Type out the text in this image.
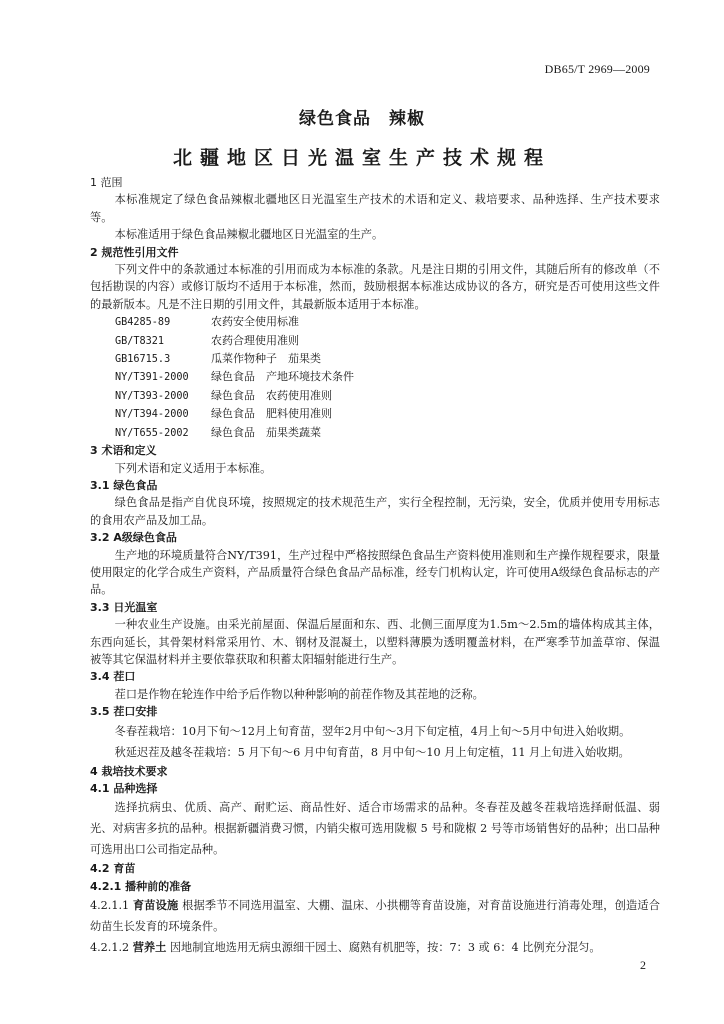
DB65/T 2969—2009
绿色食品　辣椒
北疆地区日光温室生产技术规程

1 范围

本标准规定了绿色食品辣椒北疆地区日光温室生产技术的术语和定义、栽培要求、品种选择、生产技术要求等。

本标准适用于绿色食品辣椒北疆地区日光温室的生产。

2 规范性引用文件

下列文件中的条款通过本标准的引用而成为本标准的条款。凡是注日期的引用文件，其随后所有的修改单（不包括勘误的内容）或修订版均不适用于本标准，然而，鼓励根据本标准达成协议的各方，研究是否可使用这些文件的最新版本。凡是不注日期的引用文件，其最新版本适用于本标准。

GB4285-89	农药安全使用标准

GB/T8321	农药合理使用准则

GB16715.3	瓜菜作物种子　茄果类

NY/T391-2000 绿色食品　产地环境技术条件

NY/T393-2000 绿色食品　农药使用准则

NY/T394-2000 绿色食品　肥料使用准则

NY/T655-2002 绿色食品　茄果类蔬菜

3 术语和定义

下列术语和定义适用于本标准。

3.1 绿色食品

绿色食品是指产自优良环境，按照规定的技术规范生产，实行全程控制，无污染，安全，优质并使用专用标志的食用农产品及加工品。

3.2 A级绿色食品

生产地的环境质量符合NY/T391，生产过程中严格按照绿色食品生产资料使用准则和生产操作规程要求，限量使用限定的化学合成生产资料，产品质量符合绿色食品产品标准，经专门机构认定，许可使用A级绿色食品标志的产品。

3.3 日光温室

一种农业生产设施。由采光前屋面、保温后屋面和东、西、北侧三面厚度为1.5m～2.5m的墙体构成其主体，东西向延长，其骨架材料常采用竹、木、钢材及混凝土，以塑料薄膜为透明覆盖材料，在严寒季节加盖草帘、保温被等其它保温材料并主要依靠获取和积蓄太阳辐射能进行生产。

3.4 茬口

茬口是作物在轮连作中给予后作物以种种影响的前茬作物及其茬地的泛称。

3.5 茬口安排

冬春茬栽培：10月下旬～12月上旬育苗，翌年2月中旬～3月下旬定植，4月上旬～5月中旬进入始收期。

秋延迟茬及越冬茬栽培：5 月下旬～6 月中旬育苗，8 月中旬～10 月上旬定植，11 月上旬进入始收期。

4 栽培技术要求

4.1 品种选择

选择抗病虫、优质、高产、耐贮运、商品性好、适合市场需求的品种。冬春茬及越冬茬栽培选择耐低温、弱光、对病害多抗的品种。根据新疆消费习惯，内销尖椒可选用陇椒 5 号和陇椒 2 号等市场销售好的品种；出口品种可选用出口公司指定品种。

4.2 育苗

4.2.1 播种前的准备

4.2.1.1 育苗设施 根据季节不同选用温室、大棚、温床、小拱棚等育苗设施，对育苗设施进行消毒处理，创造适合幼苗生长发育的环境条件。

4.2.1.2 营养土 因地制宜地选用无病虫源细干园土、腐熟有机肥等，按：7：3 或 6：4 比例充分混匀。

2
